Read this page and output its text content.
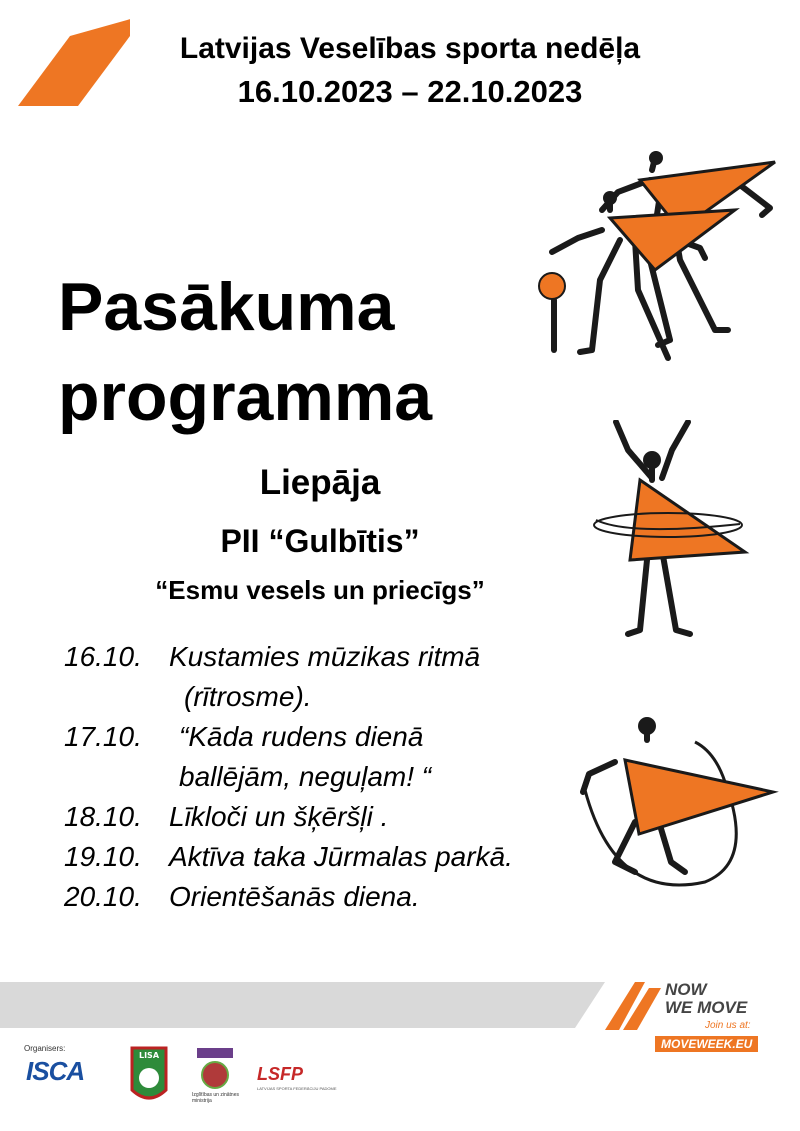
Latvijas Veselības sporta nedēļa
16.10.2023 – 22.10.2023
Pasākuma
programma
Liepāja
PII “Gulbītis”
“Esmu vesels un priecīgs”
16.10. Kustamies mūzikas ritmā
(rītrosme).
17.10.	“Kāda rudens dienā
ballējām, neguļam! “
18.10. Līkloči un šķēršļi .
19.10. Aktīva taka Jūrmalas parkā.
20.10. Orientēšanās diena.
NOW
WE MOVE
Join us at:
MOVEWEEK.EU
Organisers:
ISCA
LISA
Izglītības un zinātnes ministrija
LSFP
LATVIJAS SPORTA FEDERĀCIJU PADOME
